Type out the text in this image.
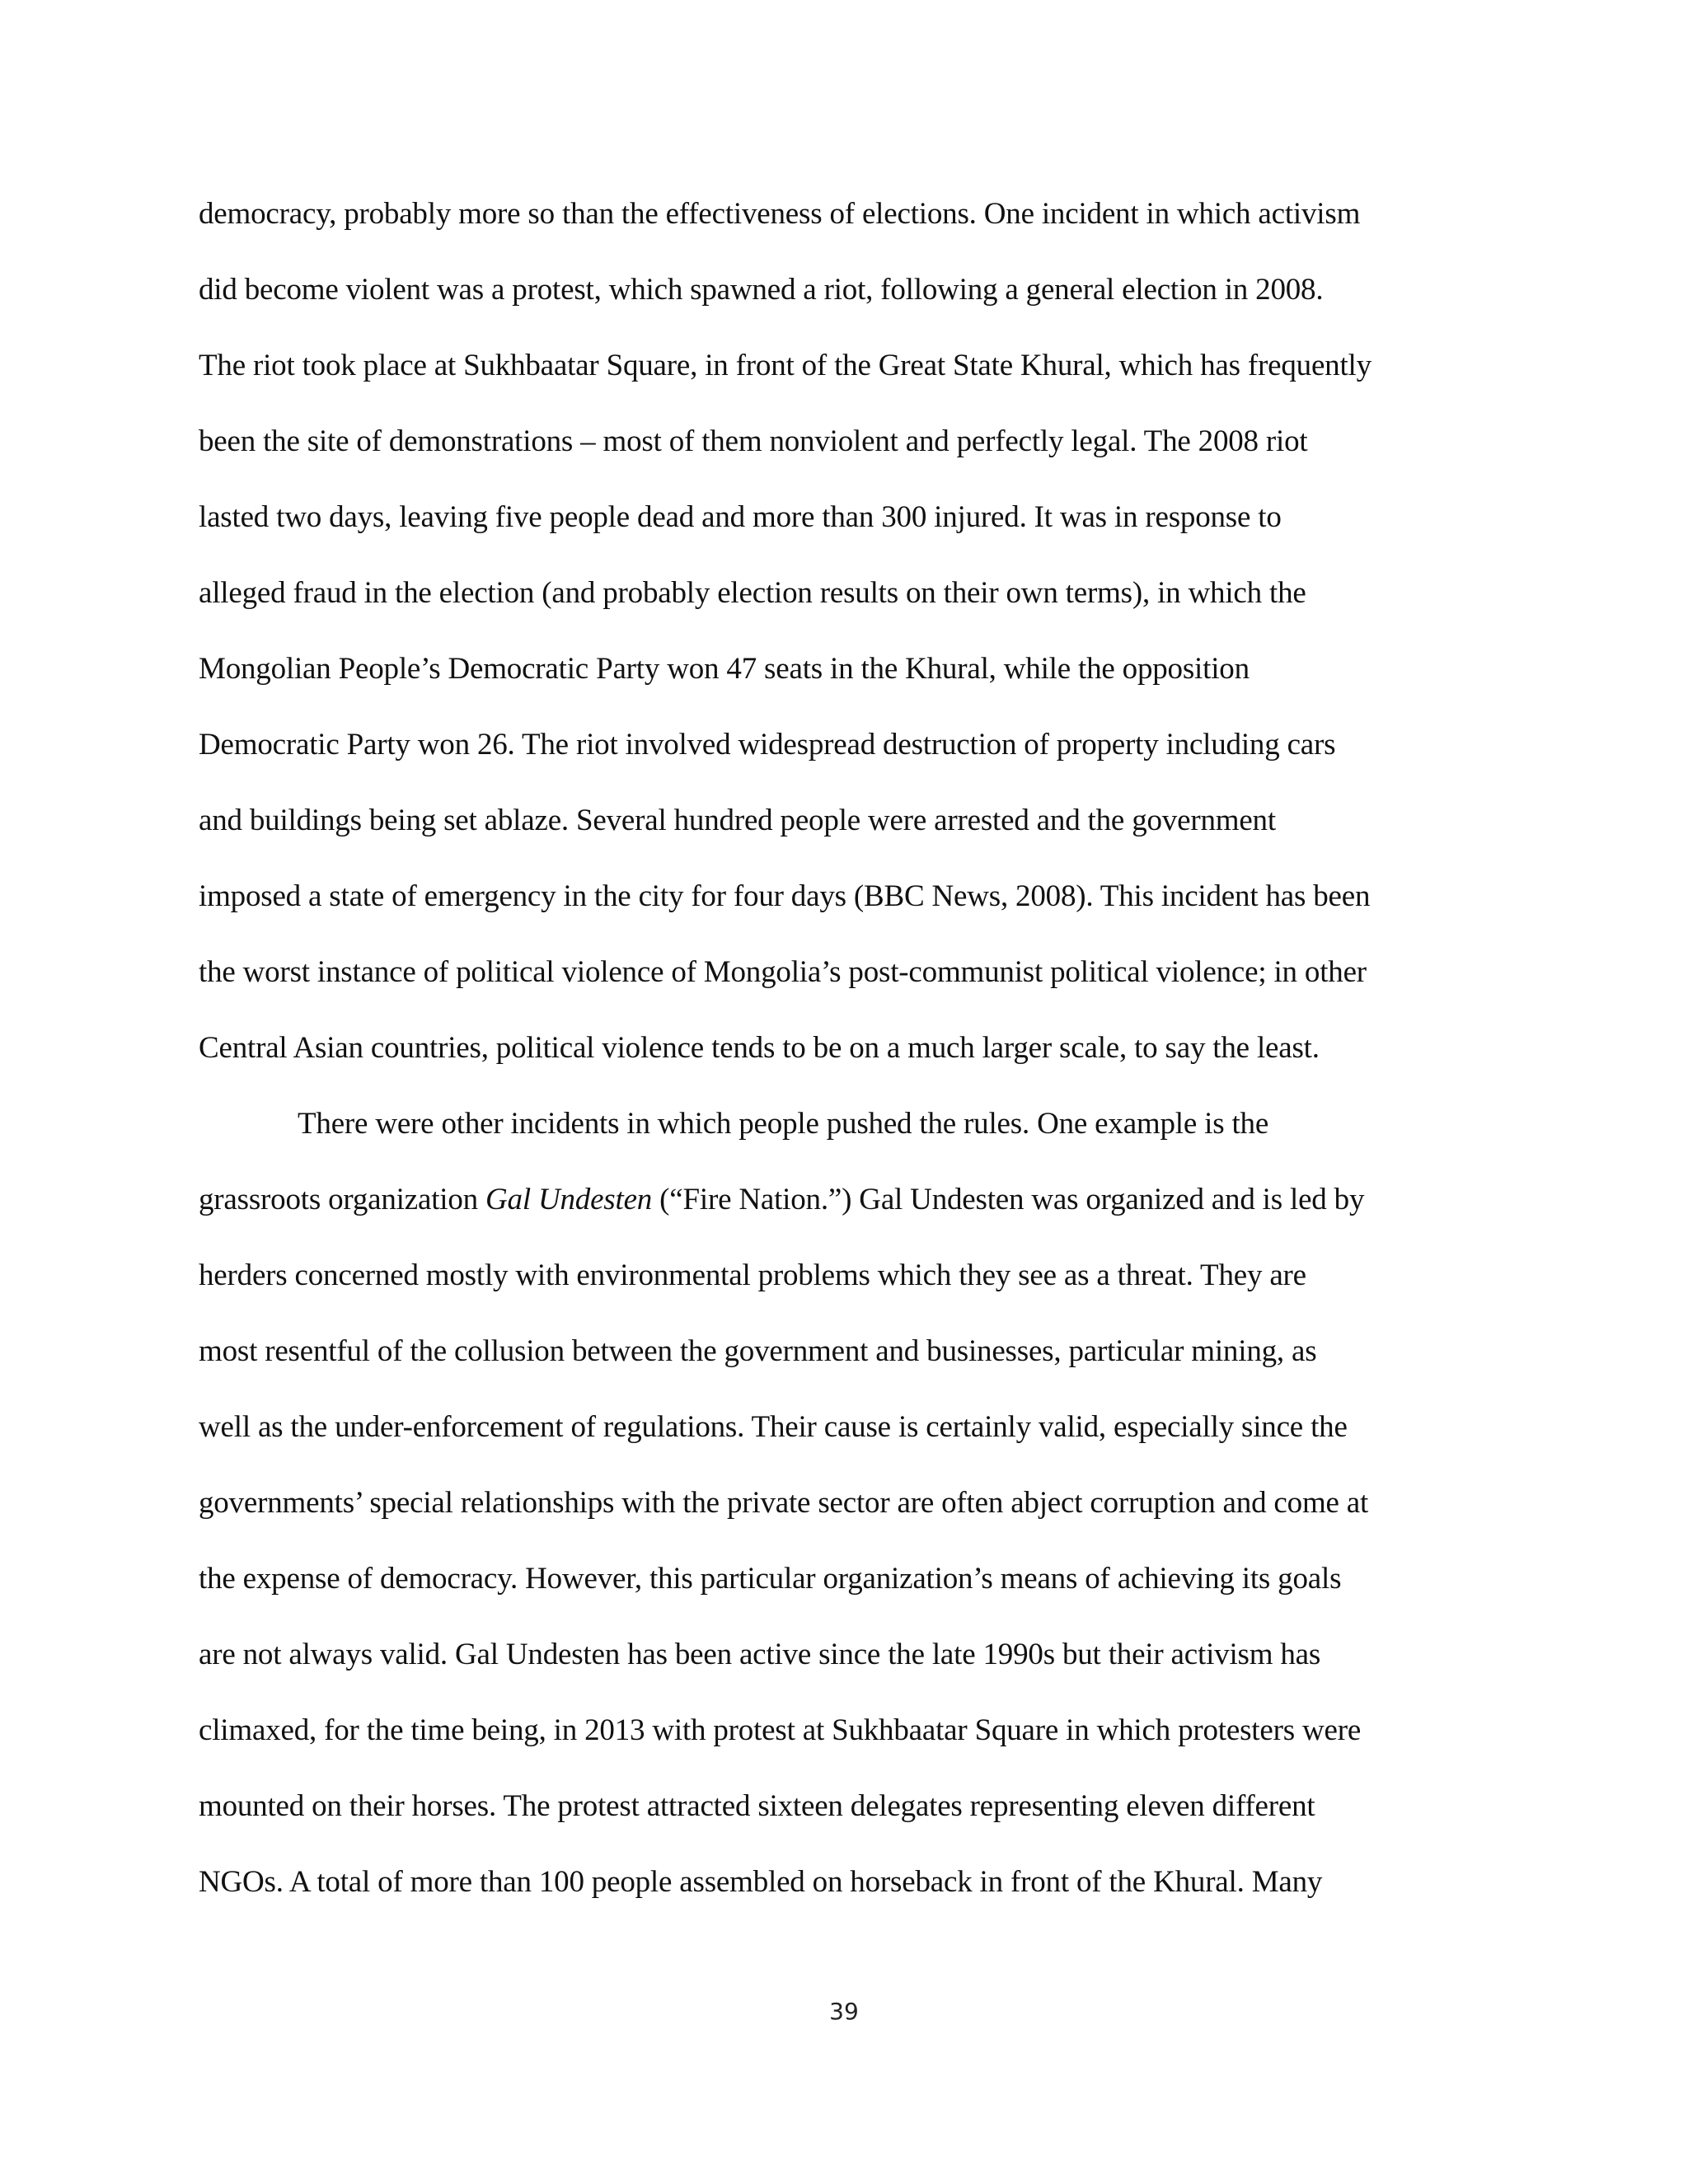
democracy, probably more so than the effectiveness of elections. One incident in which activism
did become violent was a protest, which spawned a riot, following a general election in 2008.
The riot took place at Sukhbaatar Square, in front of the Great State Khural, which has frequently
been the site of demonstrations – most of them nonviolent and perfectly legal. The 2008 riot
lasted two days, leaving five people dead and more than 300 injured. It was in response to
alleged fraud in the election (and probably election results on their own terms), in which the
Mongolian People’s Democratic Party won 47 seats in the Khural, while the opposition
Democratic Party won 26. The riot involved widespread destruction of property including cars
and buildings being set ablaze. Several hundred people were arrested and the government
imposed a state of emergency in the city for four days (BBC News, 2008). This incident has been
the worst instance of political violence of Mongolia’s post-communist political violence; in other
Central Asian countries, political violence tends to be on a much larger scale, to say the least.
There were other incidents in which people pushed the rules. One example is the
grassroots organization Gal Undesten (“Fire Nation.”) Gal Undesten was organized and is led by
herders concerned mostly with environmental problems which they see as a threat. They are
most resentful of the collusion between the government and businesses, particular mining, as
well as the under-enforcement of regulations. Their cause is certainly valid, especially since the
governments’ special relationships with the private sector are often abject corruption and come at
the expense of democracy. However, this particular organization’s means of achieving its goals
are not always valid. Gal Undesten has been active since the late 1990s but their activism has
climaxed, for the time being, in 2013 with protest at Sukhbaatar Square in which protesters were
mounted on their horses. The protest attracted sixteen delegates representing eleven different
NGOs. A total of more than 100 people assembled on horseback in front of the Khural. Many
39
